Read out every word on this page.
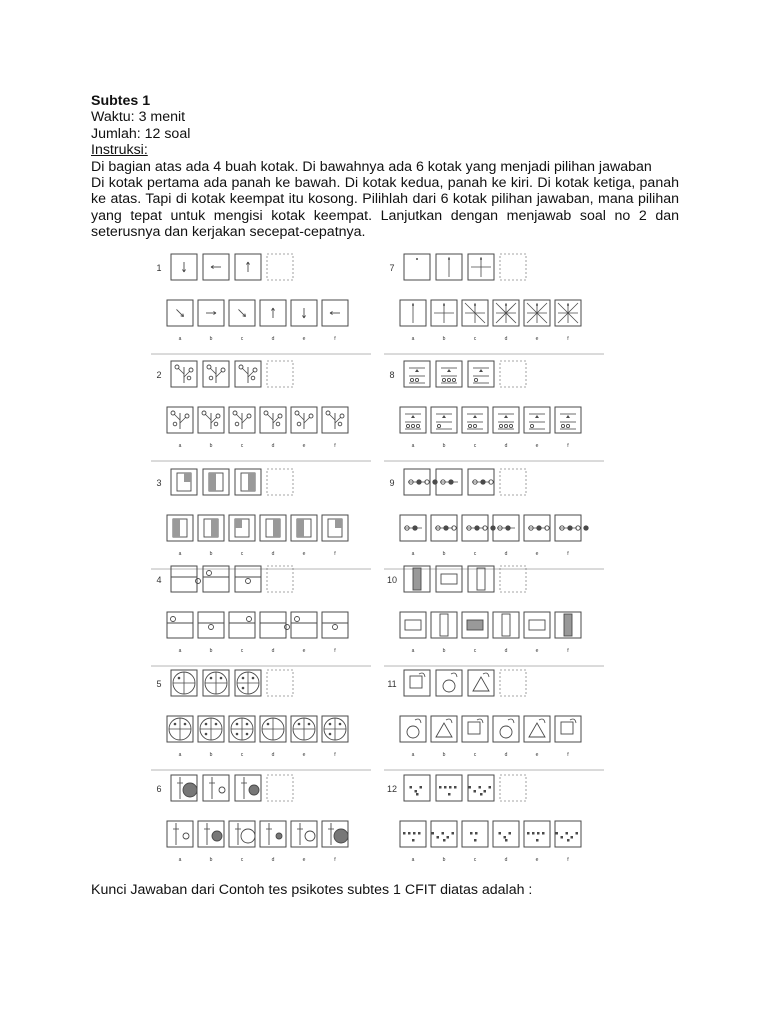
Subtes 1
Waktu: 3 menit
Jumlah: 12 soal
Instruksi:
Di bagian atas ada 4 buah kotak. Di bawahnya ada 6 kotak yang menjadi pilihan jawaban
Di kotak pertama ada panah ke bawah. Di kotak kedua, panah ke kiri. Di kotak ketiga, panah ke atas. Tapi di kotak keempat itu kosong. Pilihlah dari 6 kotak pilihan jawaban, mana pilihan yang tepat untuk mengisi kotak keempat. Lanjutkan dengan menjawab soal no 2 dan seterusnya dan kerjakan secepat-cepatnya.
1
a	b	c	d	e	f
7
a	b	c	d	e	f
2
a	b	c	d	e	f
8
a	b	c	d	e	f
3
a	b	c	d	e	f
9
a	b	c	d	e	f
4
a	b	c	d	e	f
10
a	b	c	d	e	f
5
a	b	c	d	e	f
11
a	b	c	d	e	f
6
a	b	c	d	e	f
12
a	b	c	d	e	f
Kunci Jawaban dari Contoh tes psikotes subtes 1 CFIT diatas adalah :
